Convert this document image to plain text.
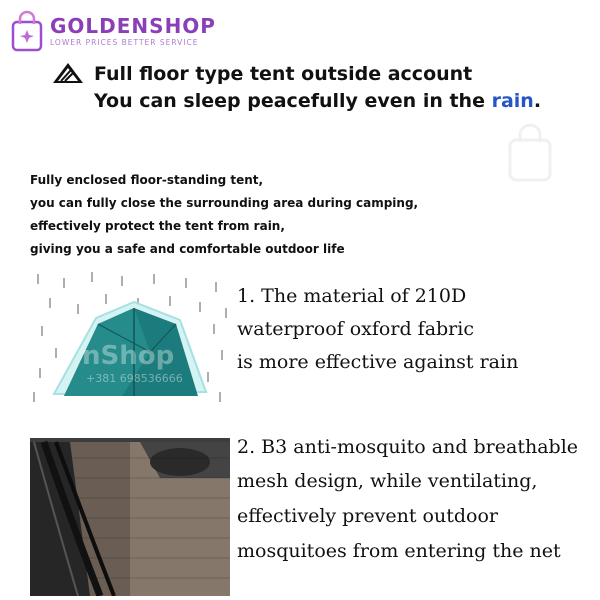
GOLDENSHOP
LOWER PRICES BETTER SERVICE
Full floor type tent outside account
You can sleep peacefully even in the rain.
Fully enclosed floor-standing tent,
you can fully close the surrounding area during camping,
effectively protect the tent from rain,
giving you a safe and comfortable outdoor life
nShop
+381 698536666
1. The material of 210D
waterproof oxford fabric
is more effective against rain
2. B3 anti-mosquito and breathable
mesh design, while ventilating,
effectively prevent outdoor
mosquitoes from entering the net
